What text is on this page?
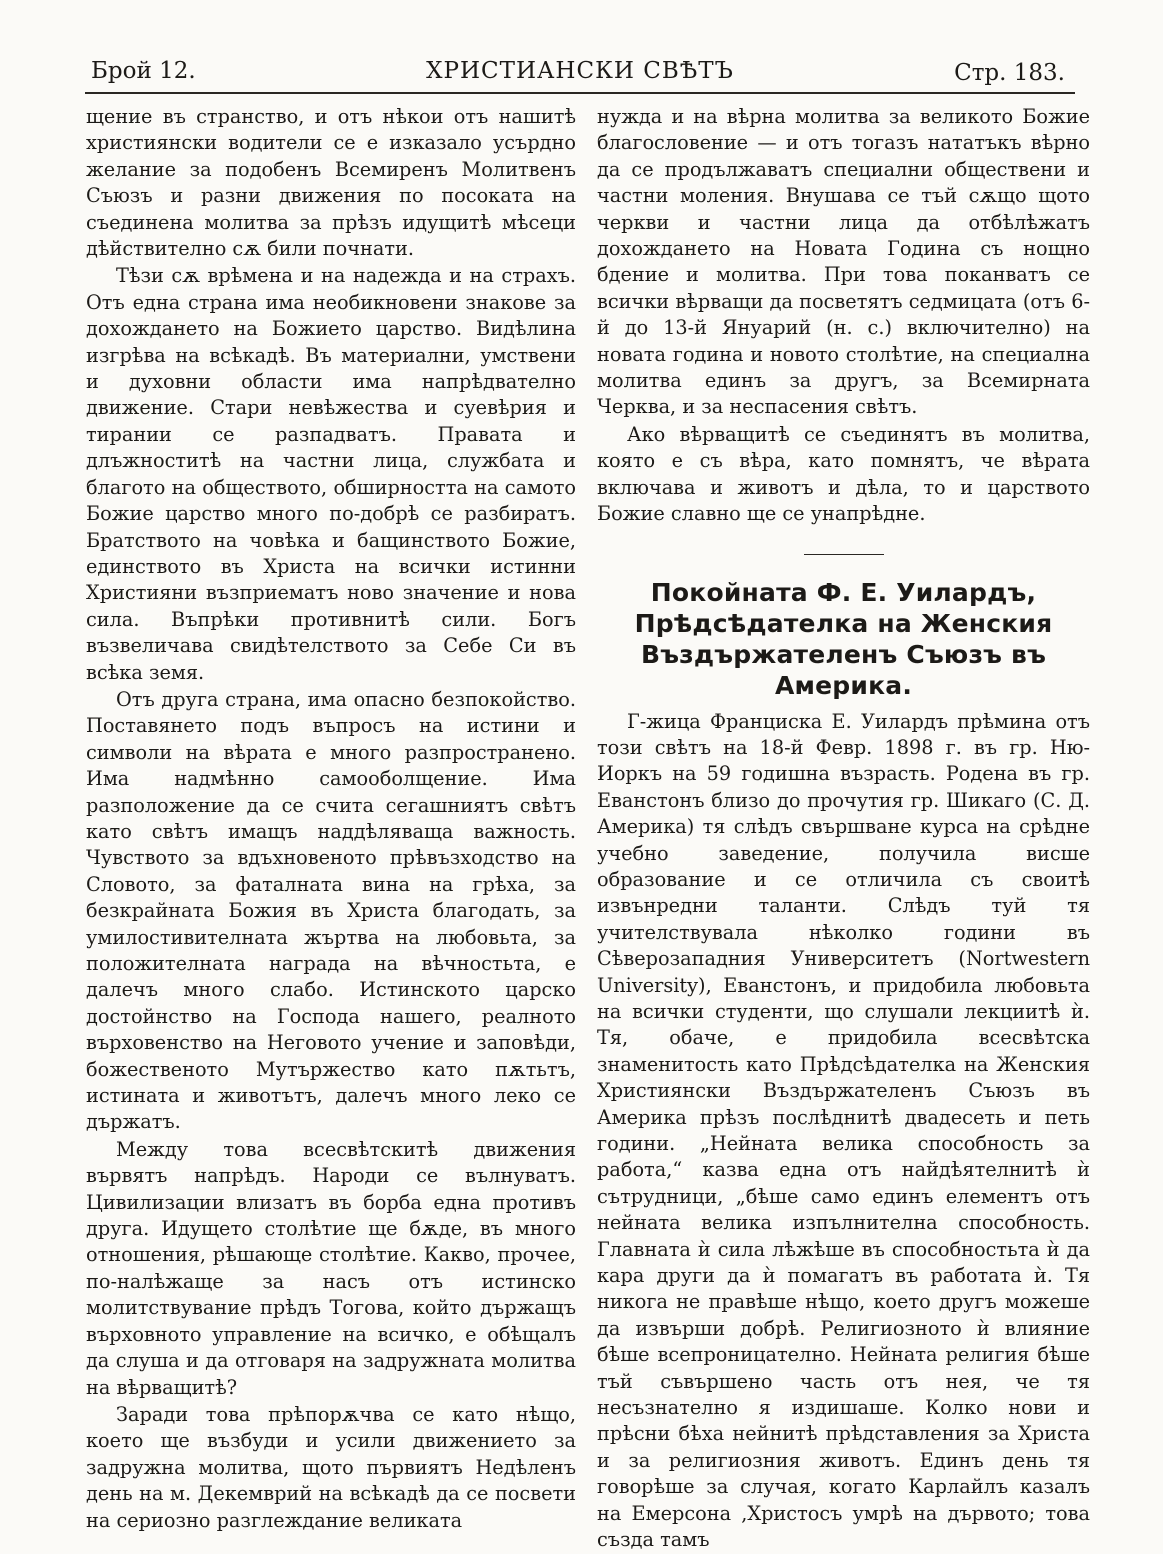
Брой 12.	ХРИСТИАНСКИ СВѢТЪ	Стр. 183.

щение въ странство, и отъ нѣкои отъ нашитѣ християнски водители се е изказало усърдно желание за подобенъ Всемиренъ Молитвенъ Съюзъ и разни движения по посоката на съединена молитва за прѣзъ идущитѣ мѣсеци дѣйствително сѫ били почнати.

Тѣзи сѫ врѣмена и на надежда и на страхъ. Отъ една страна има необикновени знакове за дохождането на Божието царство. Видѣлина изгрѣва на всѣкадѣ. Въ материални, умствени и духовни области има напрѣдвателно движение. Стари невѣжества и суевѣрия и тирании се разпадватъ. Правата и длъжноститѣ на частни лица, службата и благото на обществото, обширността на самото Божие царство много по-добрѣ се разбиратъ. Братството на човѣка и бащинството Божие, единството въ Христа на всички истинни Християни възприематъ ново значение и нова сила. Въпрѣки противнитѣ сили. Богъ възвеличава свидѣтелството за Себе Си въ всѣка земя.

Отъ друга страна, има опасно безпокойство. Поставянето подъ въпросъ на истини и символи на вѣрата е много разпространено. Има надмѣнно самооболщение. Има разположение да се счита сегашниятъ свѣтъ като свѣтъ имащъ наддѣляваща важность. Чувството за вдъхновеното прѣвъзходство на Словото, за фаталната вина на грѣха, за безкрайната Божия въ Христа благодать, за умилостивителната жъртва на любовьта, за положителната награда на вѣчностьта, е далечъ много слабо. Истинското царско достойнство на Господа нашего, реалното върховенство на Неговото учение и заповѣди, божественото Мутържество като пѫтьтъ, истината и животътъ, далечъ много леко се държатъ.

Между това всесвѣтскитѣ движения вървятъ напрѣдъ. Народи се вълнуватъ. Цивилизации влизатъ въ борба една противъ друга. Идущето столѣтие ще бѫде, въ много отношения, рѣшающе столѣтие. Какво, прочее, по-налѣжаще за насъ отъ истинско молитствувание прѣдъ Тогова, който държащъ върховното управление на всичко, е обѣщалъ да слуша и да отговаря на задружната молитва на вѣрващитѣ?

Заради това прѣпорѫчва се като нѣщо, което ще възбуди и усили движението за задружна молитва, щото първиятъ Недѣленъ день на м. Декемврий на всѣкадѣ да се посвети на сериозно разглеждание великата

нужда и на вѣрна молитва за великото Божие благословение — и отъ тогазъ нататъкъ вѣрно да се продължаватъ специални обществени и частни моления. Внушава се тъй сѫщо щото черкви и частни лица да отбѣлѣжатъ дохождането на Новата Година съ нощно бдение и молитва. При това поканватъ се всички вѣрващи да посветятъ седмицата (отъ 6-й до 13-й Януарий (н. с.) включително) на новата година и новото столѣтие, на специална молитва единъ за другъ, за Всемирната Черква, и за неспасения свѣтъ.

Ако вѣрващитѣ се съединятъ въ молитва, която е съ вѣра, като помнятъ, че вѣрата включава и животъ и дѣла, то и царството Божие славно ще се унапрѣдне.

Покойната Ф. Е. Уилардъ, Прѣдсѣдателка на Женския Въздържателенъ Съюзъ въ Америка.

Г-жица Франциска Е. Уилардъ прѣмина отъ този свѣтъ на 18-й Февр. 1898 г. въ гр. Ню-Иоркъ на 59 годишна възрасть. Родена въ гр. Еванстонъ близо до прочутия гр. Шикаго (С. Д. Америка) тя слѣдъ свършване курса на срѣдне учебно заведение, получила висше образование и се отличила съ своитѣ извънредни таланти. Слѣдъ туй тя учителствувала нѣколко години въ Сѣверозападния Университетъ (Nortwestern University), Еванстонъ, и придобила любовьта на всички студенти, що слушали лекциитѣ ѝ. Тя, обаче, е придобила всесвѣтска знаменитость като Прѣдсѣдателка на Женския Християнски Въздържателенъ Съюзъ въ Америка прѣзъ послѣднитѣ двадесеть и петь години. „Нейната велика способность за работа,“ казва една отъ найдѣятелнитѣ ѝ сътрудници, „бѣше само единъ елементъ отъ нейната велика изпълнителна способность. Главната ѝ сила лѣжѣше въ способностьта ѝ да кара други да ѝ помагатъ въ работата ѝ. Тя никога не правѣше нѣщо, което другъ можеше да извърши добрѣ. Религиозното ѝ влияние бѣше всепроницателно. Нейната религия бѣше тъй съвършено часть отъ нея, че тя несъзнателно я издишаше. Колко нови и прѣсни бѣха нейнитѣ прѣдставления за Христа и за религиозния животъ. Единъ день тя говорѣше за случая, когато Карлайлъ казалъ на Емерсона ,Христосъ умрѣ на дървото; това създа тамъ
